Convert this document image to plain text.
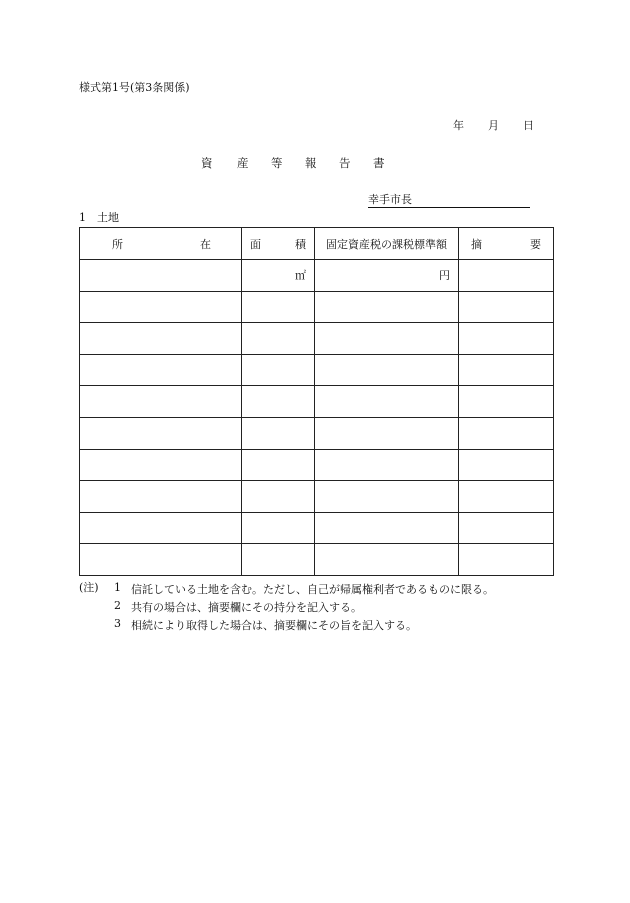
様式第1号(第3条関係)
年 月 日
資 産 等 報 告 書
幸手市長
1　土地
所 在	面 積	固定資産税の課税標準額	摘 要

	㎡	円	

(注) 1 信託している土地を含む。ただし、自己が帰属権利者であるものに限る。
2 共有の場合は、摘要欄にその持分を記入する。
3 相続により取得した場合は、摘要欄にその旨を記入する。
